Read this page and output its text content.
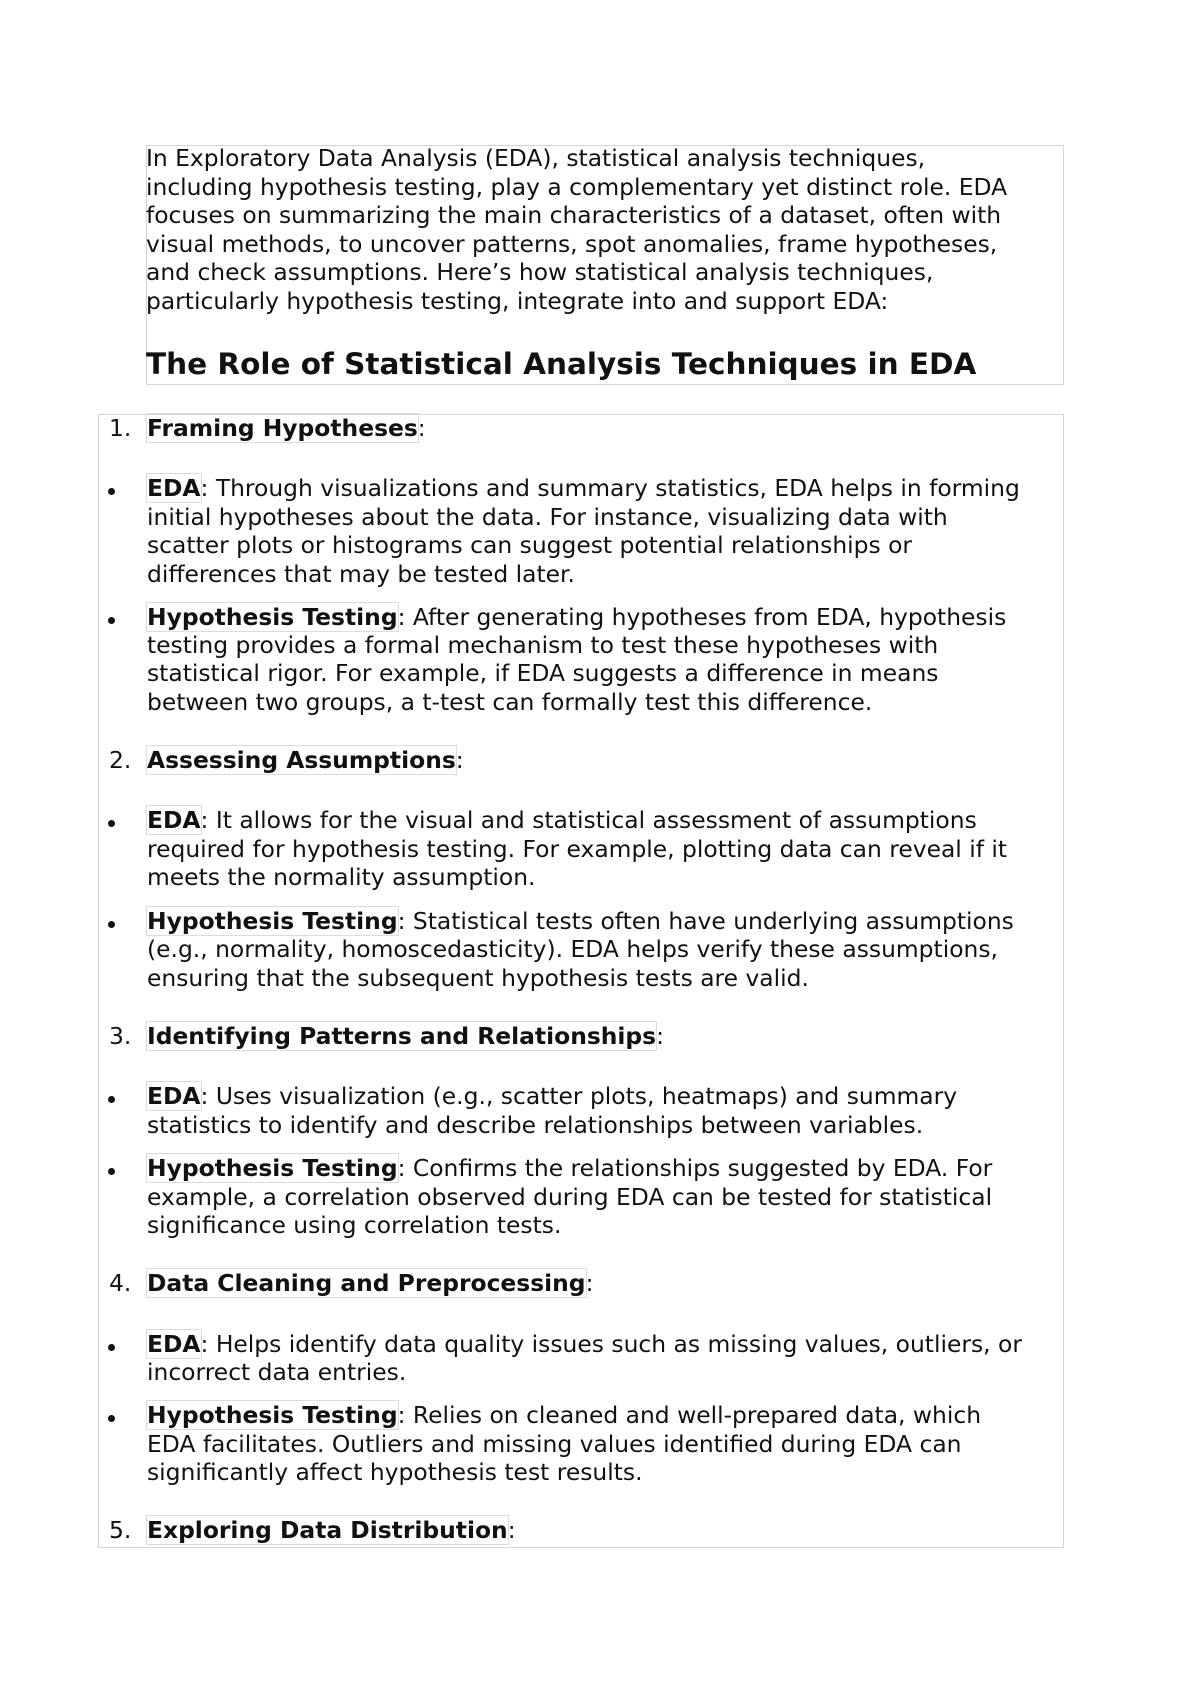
In Exploratory Data Analysis (EDA), statistical analysis techniques,
including hypothesis testing, play a complementary yet distinct role. EDA
focuses on summarizing the main characteristics of a dataset, often with
visual methods, to uncover patterns, spot anomalies, frame hypotheses,
and check assumptions. Here’s how statistical analysis techniques,
particularly hypothesis testing, integrate into and support EDA:

The Role of Statistical Analysis Techniques in EDA
1. Framing Hypotheses:
EDA: Through visualizations and summary statistics, EDA helps in forming
initial hypotheses about the data. For instance, visualizing data with
scatter plots or histograms can suggest potential relationships or
differences that may be tested later.
Hypothesis Testing: After generating hypotheses from EDA, hypothesis
testing provides a formal mechanism to test these hypotheses with
statistical rigor. For example, if EDA suggests a difference in means
between two groups, a t-test can formally test this difference.
2. Assessing Assumptions:
EDA: It allows for the visual and statistical assessment of assumptions
required for hypothesis testing. For example, plotting data can reveal if it
meets the normality assumption.
Hypothesis Testing: Statistical tests often have underlying assumptions
(e.g., normality, homoscedasticity). EDA helps verify these assumptions,
ensuring that the subsequent hypothesis tests are valid.
3. Identifying Patterns and Relationships:
EDA: Uses visualization (e.g., scatter plots, heatmaps) and summary
statistics to identify and describe relationships between variables.
Hypothesis Testing: Confirms the relationships suggested by EDA. For
example, a correlation observed during EDA can be tested for statistical
significance using correlation tests.
4. Data Cleaning and Preprocessing:
EDA: Helps identify data quality issues such as missing values, outliers, or
incorrect data entries.
Hypothesis Testing: Relies on cleaned and well-prepared data, which
EDA facilitates. Outliers and missing values identified during EDA can
significantly affect hypothesis test results.
5. Exploring Data Distribution:
